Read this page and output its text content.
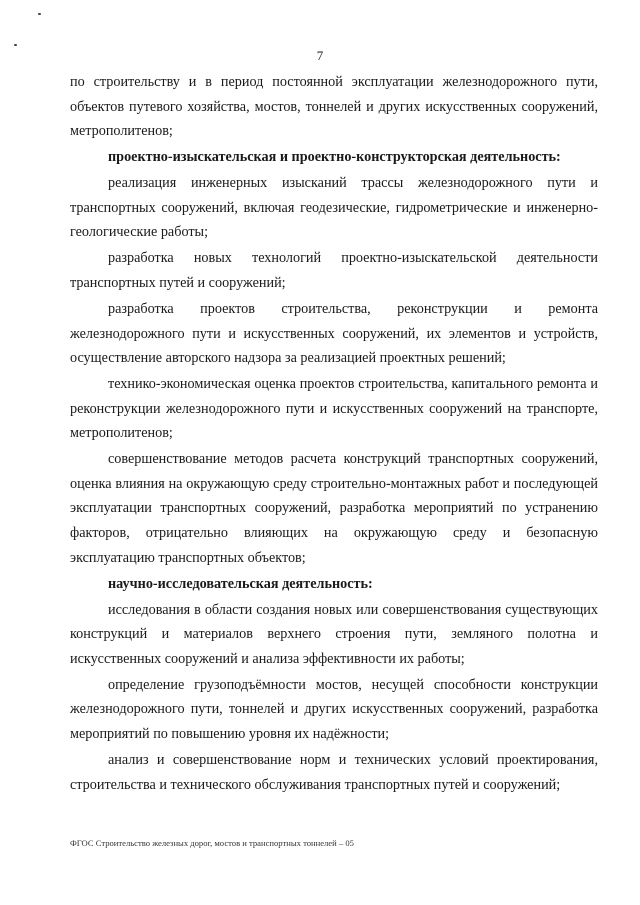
7

по строительству и в период постоянной эксплуатации железнодорожного пути, объектов путевого хозяйства, мостов, тоннелей и других искусственных сооружений, метрополитенов;

проектно-изыскательская и проектно-конструкторская деятельность:

реализация инженерных изысканий трассы железнодорожного пути и транспортных сооружений, включая геодезические, гидрометрические и инженерно-геологические работы;

разработка новых технологий проектно-изыскательской деятельности транспортных путей и сооружений;

разработка проектов строительства, реконструкции и ремонта железнодорожного пути и искусственных сооружений, их элементов и устройств, осуществление авторского надзора за реализацией проектных решений;

технико-экономическая оценка проектов строительства, капитального ремонта и реконструкции железнодорожного пути и искусственных сооружений на транспорте, метрополитенов;

совершенствование методов расчета конструкций транспортных сооружений, оценка влияния на окружающую среду строительно-монтажных работ и последующей эксплуатации транспортных сооружений, разработка мероприятий по устранению факторов, отрицательно влияющих на окружающую среду и безопасную эксплуатацию транспортных объектов;

научно-исследовательская деятельность:

исследования в области создания новых или совершенствования существующих конструкций и материалов верхнего строения пути, земляного полотна и искусственных сооружений и анализа эффективности их работы;

определение грузоподъёмности мостов, несущей способности конструкции железнодорожного пути, тоннелей и других искусственных сооружений, разработка мероприятий по повышению уровня их надёжности;

анализ и совершенствование норм и технических условий проектирования, строительства и технического обслуживания транспортных путей и сооружений;

ФГОС Строительство железных дорог, мостов и транспортных тоннелей – 05
